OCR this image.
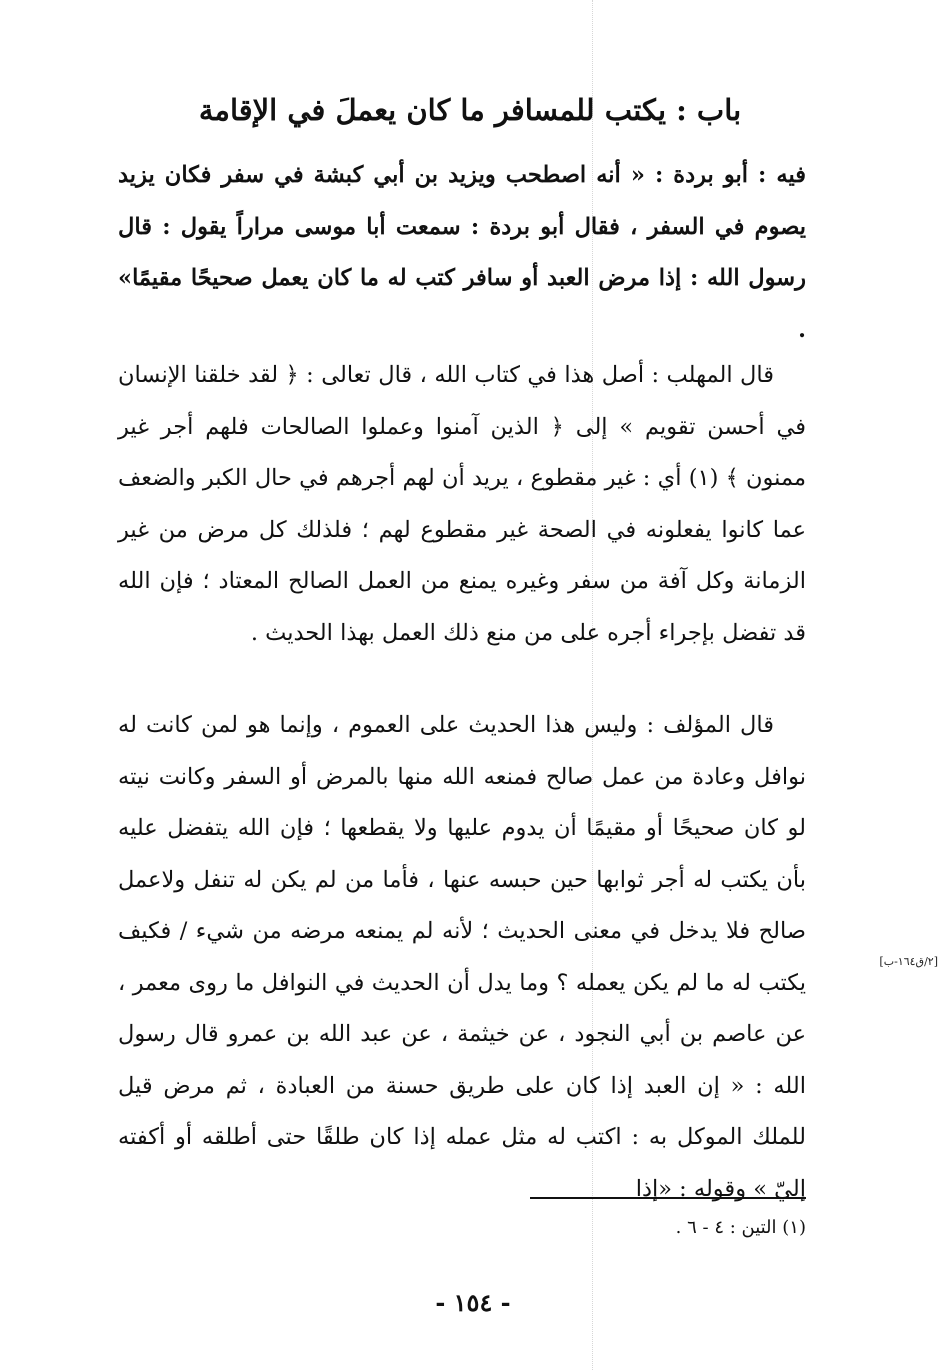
باب : يكتب للمسافر ما كان يعملَ في الإقامة
فيه : أبو بردة : « أنه اصطحب ويزيد بن أبي كبشة في سفر فكان يزيد يصوم في السفر ، فقال أبو بردة : سمعت أبا موسى مراراً يقول : قال رسول الله : إذا مرض العبد أو سافر كتب له ما كان يعمل صحيحًا مقيمًا» .
قال المهلب : أصل هذا في كتاب الله ، قال تعالى : ﴿ لقد خلقنا الإنسان في أحسن تقويم » إلى ﴿ الذين آمنوا وعملوا الصالحات فلهم أجر غير ممنون ﴾ (١) أي : غير مقطوع ، يريد أن لهم أجرهم في حال الكبر والضعف عما كانوا يفعلونه في الصحة غير مقطوع لهم ؛ فلذلك كل مرض من غير الزمانة وكل آفة من سفر وغيره يمنع من العمل الصالح المعتاد ؛ فإن الله قد تفضل بإجراء أجره على من منع ذلك العمل بهذا الحديث .
قال المؤلف : وليس هذا الحديث على العموم ، وإنما هو لمن كانت له نوافل وعادة من عمل صالح فمنعه الله منها بالمرض أو السفر وكانت نيته لو كان صحيحًا أو مقيمًا أن يدوم عليها ولا يقطعها ؛ فإن الله يتفضل عليه بأن يكتب له أجر ثوابها حين حبسه عنها ، فأما من لم يكن له تنفل ولاعمل صالح فلا يدخل في معنى الحديث ؛ لأنه لم يمنعه مرضه من شيء / فكيف يكتب له ما لم يكن يعمله ؟ وما يدل أن الحديث في النوافل ما روى معمر ، عن عاصم بن أبي النجود ، عن خيثمة ، عن عبد الله بن عمرو قال رسول الله : « إن العبد إذا كان على طريق حسنة من العبادة ، ثم مرض قيل للملك الموكل به : اكتب له مثل عمله إذا كان طلقًا حتى أطلقه أو أكفته إليّ » وقوله : «إذا
[٢/ق١٦٤-ب]
(١) التين : ٤ - ٦ .
- ١٥٤ -
